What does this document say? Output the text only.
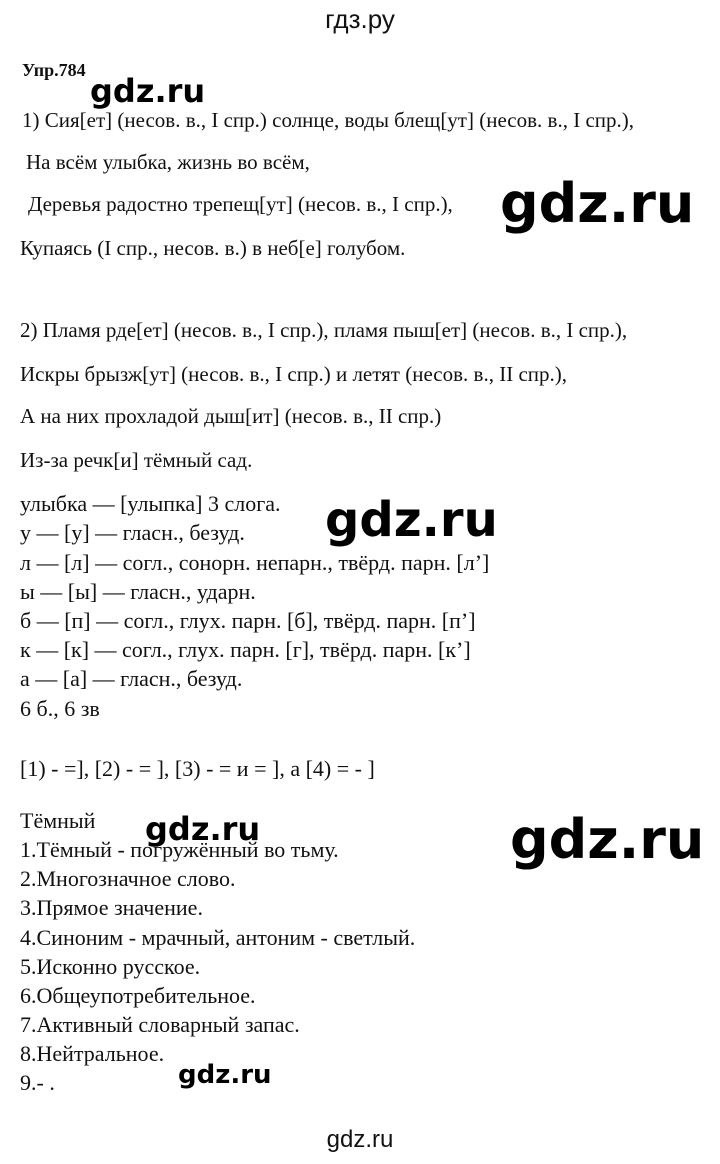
гдз.ру
Упр.784
1) Сия[ет] (несов. в., I спр.) солнце, воды блещ[ут] (несов. в., I спр.),
На всём улыбка, жизнь во всём,
Деревья радостно трепещ[ут] (несов. в., I спр.),
Купаясь (I спр., несов. в.) в неб[е] голубом.
2) Пламя рде[ет] (несов. в., I спр.), пламя пыш[ет] (несов. в., I спр.),
Искры брызж[ут] (несов. в., I спр.) и летят (несов. в., II спр.),
А на них прохладой дыш[ит] (несов. в., II спр.)
Из-за речк[и] тёмный сад.
улыбка — [улыпка] 3 слога.
у — [у] — гласн., безуд.
л — [л] — согл., сонорн. непарн., твёрд. парн. [л’]
ы — [ы] — гласн., ударн.
б — [п] — согл., глух. парн. [б], твёрд. парн. [п’]
к — [к] — согл., глух. парн. [г], твёрд. парн. [к’]
а — [а] — гласн., безуд.
6 б., 6 зв
[1) - =], [2) - = ], [3) - = и = ], а [4) = - ]
Тёмный
1.Тёмный - погружённый во тьму.
2.Многозначное слово.
3.Прямое значение.
4.Синоним - мрачный, антоним - светлый.
5.Исконно русское.
6.Общеупотребительное.
7.Активный словарный запас.
8.Нейтральное.
9.- .
gdz.ru
gdz.ru
gdz.ru
gdz.ru	gdz.ru
gdz.ru
gdz.ru
